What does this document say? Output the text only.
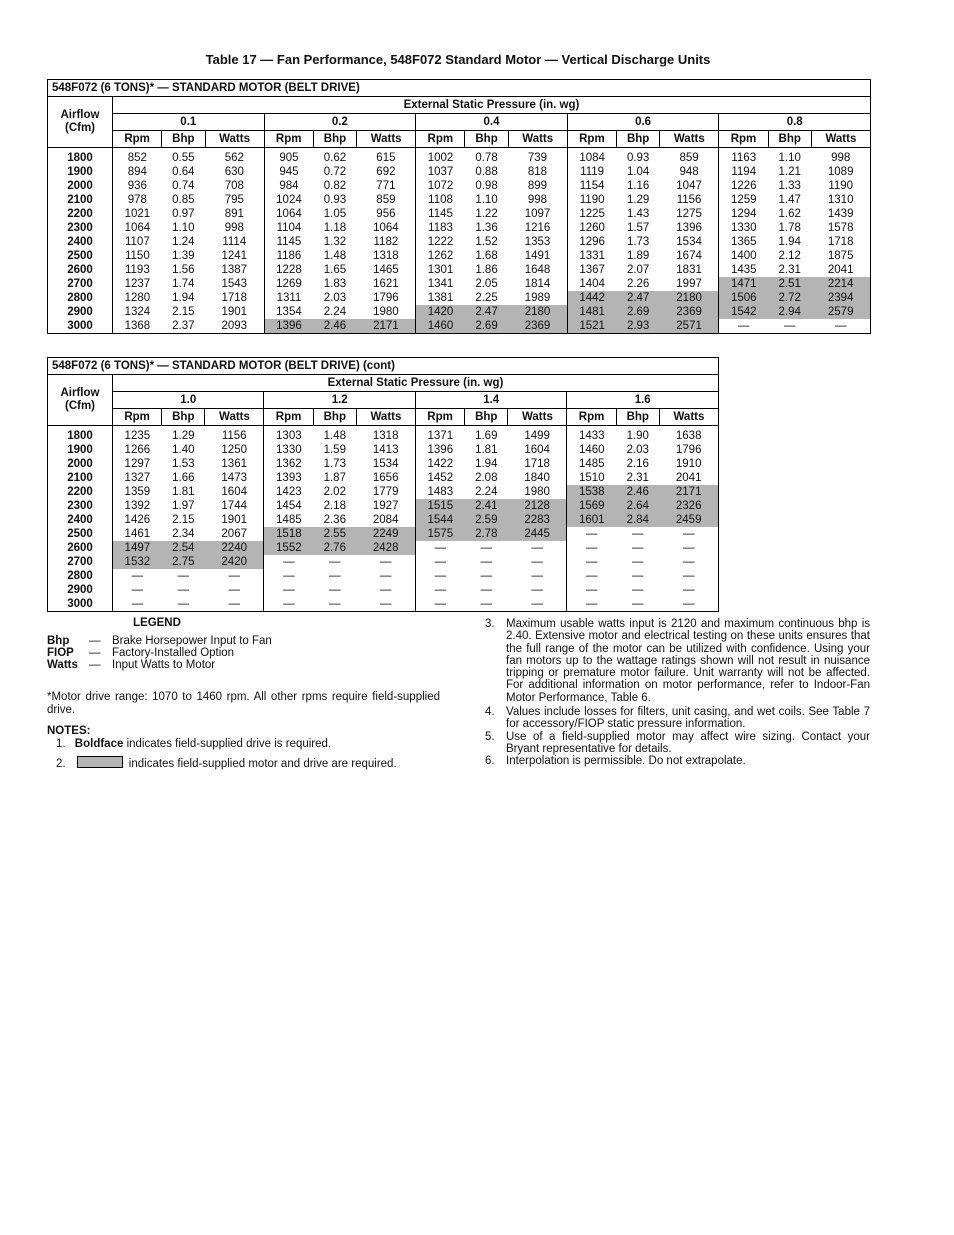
Table 17 — Fan Performance, 548F072 Standard Motor — Vertical Discharge Units
548F072 (6 TONS)* — STANDARD MOTOR (BELT DRIVE)															

Airflow
(Cfm)	External Static Pressure (in. wg)														
	0.1			0.2			0.4			0.6			0.8		
	Rpm	Bhp	Watts	Rpm	Bhp	Watts	Rpm	Bhp	Watts	Rpm	Bhp	Watts	Rpm	Bhp	Watts
1800	852	0.55	562	905	0.62	615	1002	0.78	739	1084	0.93	859	1163	1.10	998
1900	894	0.64	630	945	0.72	692	1037	0.88	818	1119	1.04	948	1194	1.21	1089
2000	936	0.74	708	984	0.82	771	1072	0.98	899	1154	1.16	1047	1226	1.33	1190
2100	978	0.85	795	1024	0.93	859	1108	1.10	998	1190	1.29	1156	1259	1.47	1310
2200	1021	0.97	891	1064	1.05	956	1145	1.22	1097	1225	1.43	1275	1294	1.62	1439
2300	1064	1.10	998	1104	1.18	1064	1183	1.36	1216	1260	1.57	1396	1330	1.78	1578
2400	1107	1.24	1114	1145	1.32	1182	1222	1.52	1353	1296	1.73	1534	1365	1.94	1718
2500	1150	1.39	1241	1186	1.48	1318	1262	1.68	1491	1331	1.89	1674	1400	2.12	1875
2600	1193	1.56	1387	1228	1.65	1465	1301	1.86	1648	1367	2.07	1831	1435	2.31	2041
2700	1237	1.74	1543	1269	1.83	1621	1341	2.05	1814	1404	2.26	1997	1471	2.51	2214
2800	1280	1.94	1718	1311	2.03	1796	1381	2.25	1989	1442	2.47	2180	1506	2.72	2394
2900	1324	2.15	1901	1354	2.24	1980	1420	2.47	2180	1481	2.69	2369	1542	2.94	2579
3000	1368	2.37	2093	1396	2.46	2171	1460	2.69	2369	1521	2.93	2571	—	—	—
548F072 (6 TONS)* — STANDARD MOTOR (BELT DRIVE) (cont)												

Airflow
(Cfm)	External Static Pressure (in. wg)											
	1.0			1.2			1.4			1.6		
	Rpm	Bhp	Watts	Rpm	Bhp	Watts	Rpm	Bhp	Watts	Rpm	Bhp	Watts
1800	1235	1.29	1156	1303	1.48	1318	1371	1.69	1499	1433	1.90	1638
1900	1266	1.40	1250	1330	1.59	1413	1396	1.81	1604	1460	2.03	1796
2000	1297	1.53	1361	1362	1.73	1534	1422	1.94	1718	1485	2.16	1910
2100	1327	1.66	1473	1393	1.87	1656	1452	2.08	1840	1510	2.31	2041
2200	1359	1.81	1604	1423	2.02	1779	1483	2.24	1980	1538	2.46	2171
2300	1392	1.97	1744	1454	2.18	1927	1515	2.41	2128	1569	2.64	2326
2400	1426	2.15	1901	1485	2.36	2084	1544	2.59	2283	1601	2.84	2459
2500	1461	2.34	2067	1518	2.55	2249	1575	2.78	2445	—	—	—
2600	1497	2.54	2240	1552	2.76	2428	—	—	—	—	—	—
2700	1532	2.75	2420	—	—	—	—	—	—	—	—	—
2800	—	—	—	—	—	—	—	—	—	—	—	—
2900	—	—	—	—	—	—	—	—	—	—	—	—
3000	—	—	—	—	—	—	—	—	—	—	—	—
LEGEND
Bhp	— Brake Horsepower Input to Fan
FIOP	— Factory-Installed Option
Watts — Input Watts to Motor
*Motor drive range: 1070 to 1460 rpm. All other rpms require field-supplied drive.
NOTES:
1. Boldface indicates field-supplied drive is required.
2.	indicates field-supplied motor and drive are required.
3. Maximum usable watts input is 2120 and maximum continuous bhp is 2.40. Extensive motor and electrical testing on these units ensures that the full range of the motor can be utilized with confidence. Using your fan motors up to the wattage ratings shown will not result in nuisance tripping or premature motor failure. Unit warranty will not be affected. For additional information on motor performance, refer to Indoor-Fan Motor Performance, Table 6.
4. Values include losses for filters, unit casing, and wet coils. See Table 7 for accessory/FIOP static pressure information.
5. Use of a field-supplied motor may affect wire sizing. Contact your Bryant representative for details.
6. Interpolation is permissible. Do not extrapolate.
